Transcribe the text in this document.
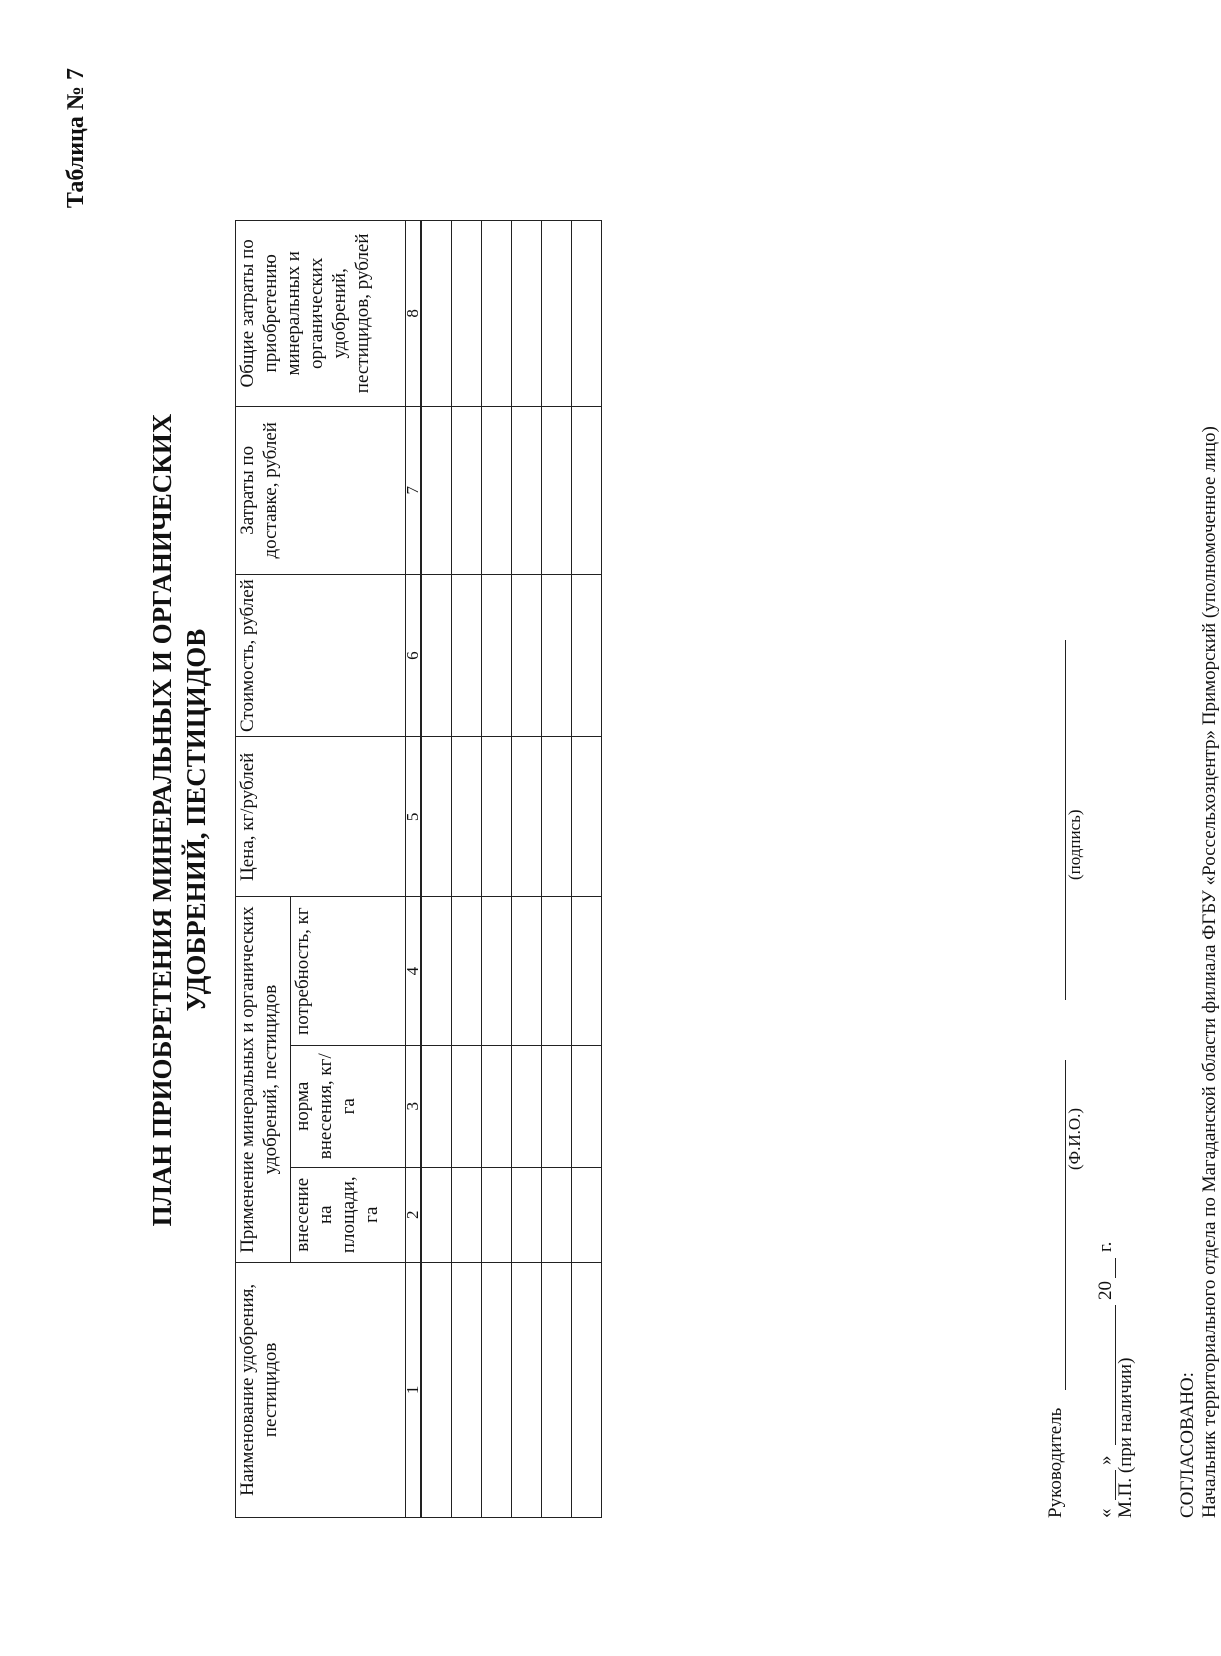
Таблица № 7
ПЛАН ПРИОБРЕТЕНИЯ МИНЕРАЛЬНЫХ И ОРГАНИЧЕСКИХ УДОБРЕНИЙ, ПЕСТИЦИДОВ
Наименование удобрения, пестицидов	Применение минеральных и органических удобрений, пестицидов			Цена, кг/рублей	Стоимость, рублей	Затраты по доставке, рублей	Общие затраты по приобретению минеральных и органических удобрений, пестицидов, рублей
	внесение на площади, га	норма внесения, кг/га	потребность, кг				
1	2	3	4	5	6	7	8

Руководитель
(Ф.И.О.)
(подпись)
«
»
20
г.
М.П. (при наличии) СОГЛАСОВАНО: Начальник территориального отдела по Магаданской области филиала ФГБУ «Россельхозцентр» Приморский (уполномоченное лицо)
